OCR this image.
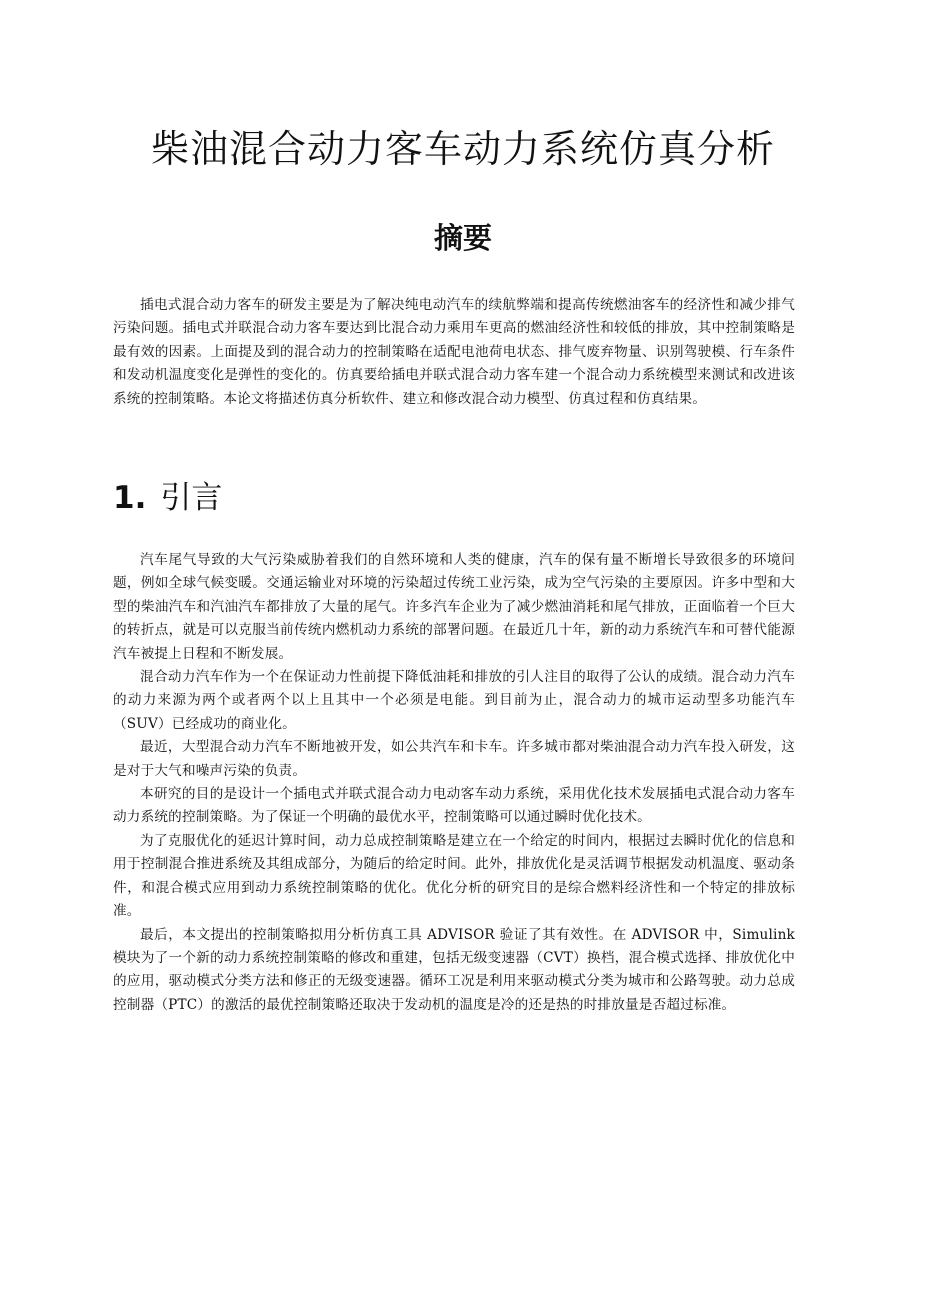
柴油混合动力客车动力系统仿真分析
摘要

插电式混合动力客车的研发主要是为了解决纯电动汽车的续航弊端和提高传统燃油客车的经济性和减少排气污染问题。插电式并联混合动力客车要达到比混合动力乘用车更高的燃油经济性和较低的排放，其中控制策略是最有效的因素。上面提及到的混合动力的控制策略在适配电池荷电状态、排气废弃物量、识别驾驶模、行车条件和发动机温度变化是弹性的变化的。仿真要给插电并联式混合动力客车建一个混合动力系统模型来测试和改进该系统的控制策略。本论文将描述仿真分析软件、建立和修改混合动力模型、仿真过程和仿真结果。

1. 引言

汽车尾气导致的大气污染威胁着我们的自然环境和人类的健康，汽车的保有量不断增长导致很多的环境问题，例如全球气候变暖。交通运输业对环境的污染超过传统工业污染，成为空气污染的主要原因。许多中型和大型的柴油汽车和汽油汽车都排放了大量的尾气。许多汽车企业为了减少燃油消耗和尾气排放，正面临着一个巨大的转折点，就是可以克服当前传统内燃机动力系统的部署问题。在最近几十年，新的动力系统汽车和可替代能源汽车被提上日程和不断发展。

混合动力汽车作为一个在保证动力性前提下降低油耗和排放的引人注目的取得了公认的成绩。混合动力汽车的动力来源为两个或者两个以上且其中一个必须是电能。到目前为止，混合动力的城市运动型多功能汽车（SUV）已经成功的商业化。

最近，大型混合动力汽车不断地被开发，如公共汽车和卡车。许多城市都对柴油混合动力汽车投入研发，这是对于大气和噪声污染的负责。

本研究的目的是设计一个插电式并联式混合动力电动客车动力系统，采用优化技术发展插电式混合动力客车动力系统的控制策略。为了保证一个明确的最优水平，控制策略可以通过瞬时优化技术。

为了克服优化的延迟计算时间，动力总成控制策略是建立在一个给定的时间内，根据过去瞬时优化的信息和用于控制混合推进系统及其组成部分，为随后的给定时间。此外，排放优化是灵活调节根据发动机温度、驱动条件，和混合模式应用到动力系统控制策略的优化。优化分析的研究目的是综合燃料经济性和一个特定的排放标准。

最后，本文提出的控制策略拟用分析仿真工具 ADVISOR 验证了其有效性。在 ADVISOR 中，Simulink 模块为了一个新的动力系统控制策略的修改和重建，包括无级变速器（CVT）换档，混合模式选择、排放优化中的应用，驱动模式分类方法和修正的无级变速器。循环工况是利用来驱动模式分类为城市和公路驾驶。动力总成控制器（PTC）的激活的最优控制策略还取决于发动机的温度是冷的还是热的时排放量是否超过标准。
